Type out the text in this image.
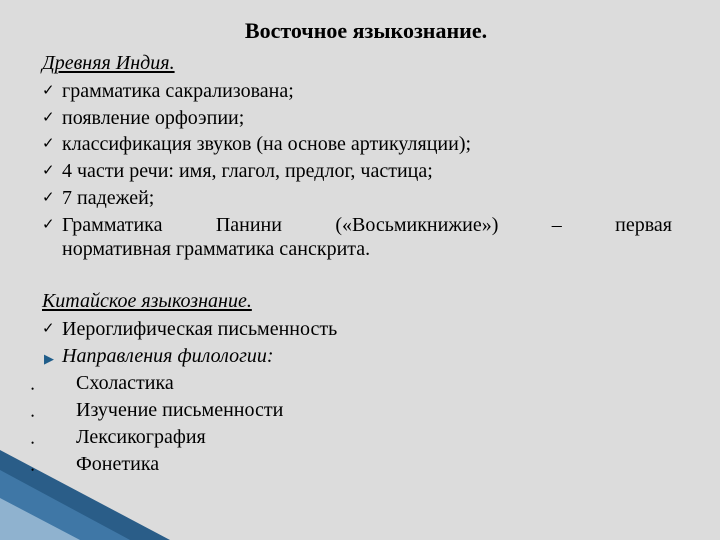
Восточное языкознание.
Древняя Индия.
✓ грамматика сакрализована;
✓ появление орфоэпии;
✓ классификация звуков (на основе артикуляции);
✓ 4 части речи: имя, глагол, предлог, частица;
✓ 7 падежей;
✓ Грамматика	Панини	(«Восьмикнижие»)	–	первая
нормативная грамматика санскрита.
Китайское языкознание.
✓ Иероглифическая письменность
▶ Направления филологии:
• Схоластика
• Изучение письменности
• Лексикография
• Фонетика
